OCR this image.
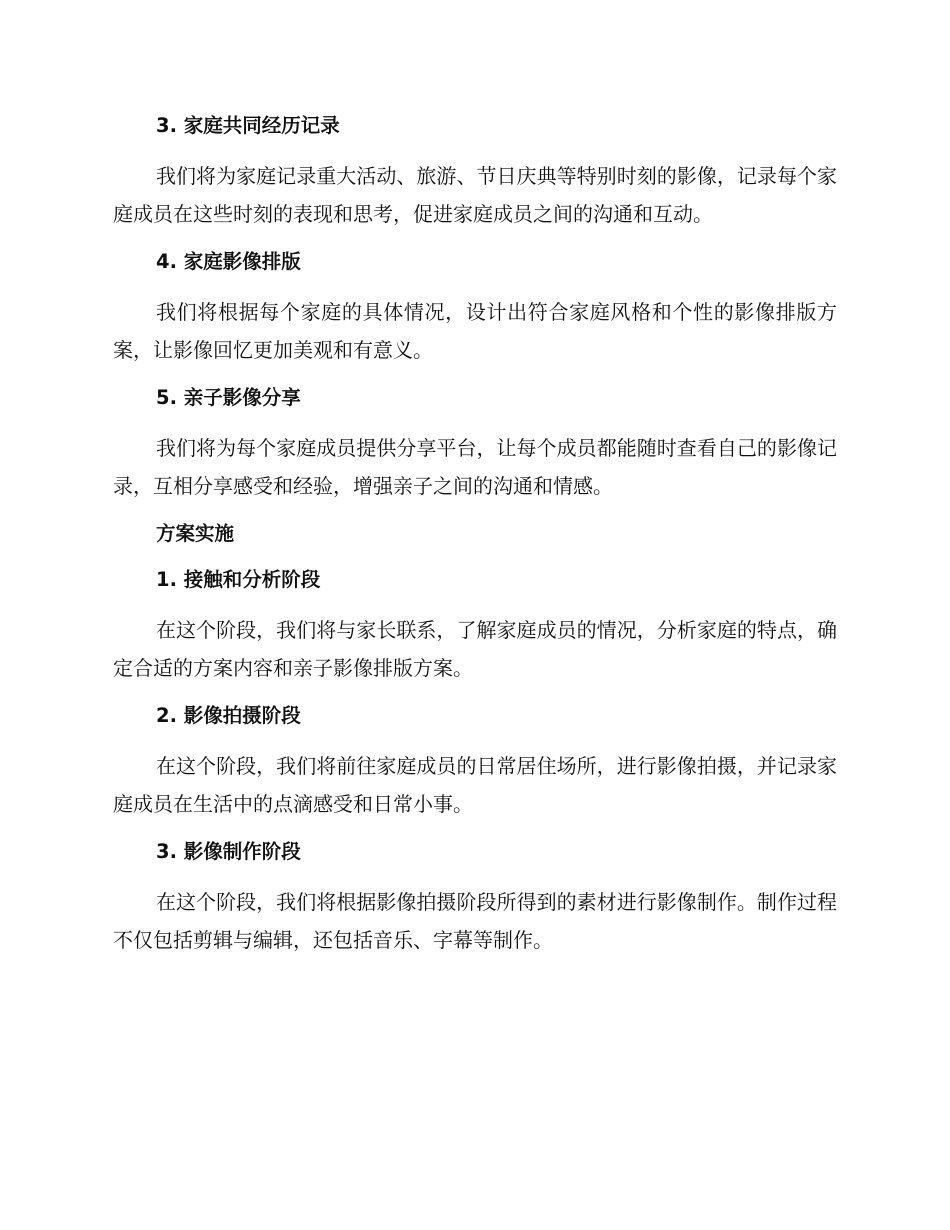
3. 家庭共同经历记录

我们将为家庭记录重大活动、旅游、节日庆典等特别时刻的影像，记录每个家庭成员在这些时刻的表现和思考，促进家庭成员之间的沟通和互动。

4. 家庭影像排版

我们将根据每个家庭的具体情况，设计出符合家庭风格和个性的影像排版方案，让影像回忆更加美观和有意义。

5. 亲子影像分享

我们将为每个家庭成员提供分享平台，让每个成员都能随时查看自己的影像记录，互相分享感受和经验，增强亲子之间的沟通和情感。

方案实施
1. 接触和分析阶段

在这个阶段，我们将与家长联系，了解家庭成员的情况，分析家庭的特点，确定合适的方案内容和亲子影像排版方案。

2. 影像拍摄阶段

在这个阶段，我们将前往家庭成员的日常居住场所，进行影像拍摄，并记录家庭成员在生活中的点滴感受和日常小事。

3. 影像制作阶段

在这个阶段，我们将根据影像拍摄阶段所得到的素材进行影像制作。制作过程不仅包括剪辑与编辑，还包括音乐、字幕等制作。
